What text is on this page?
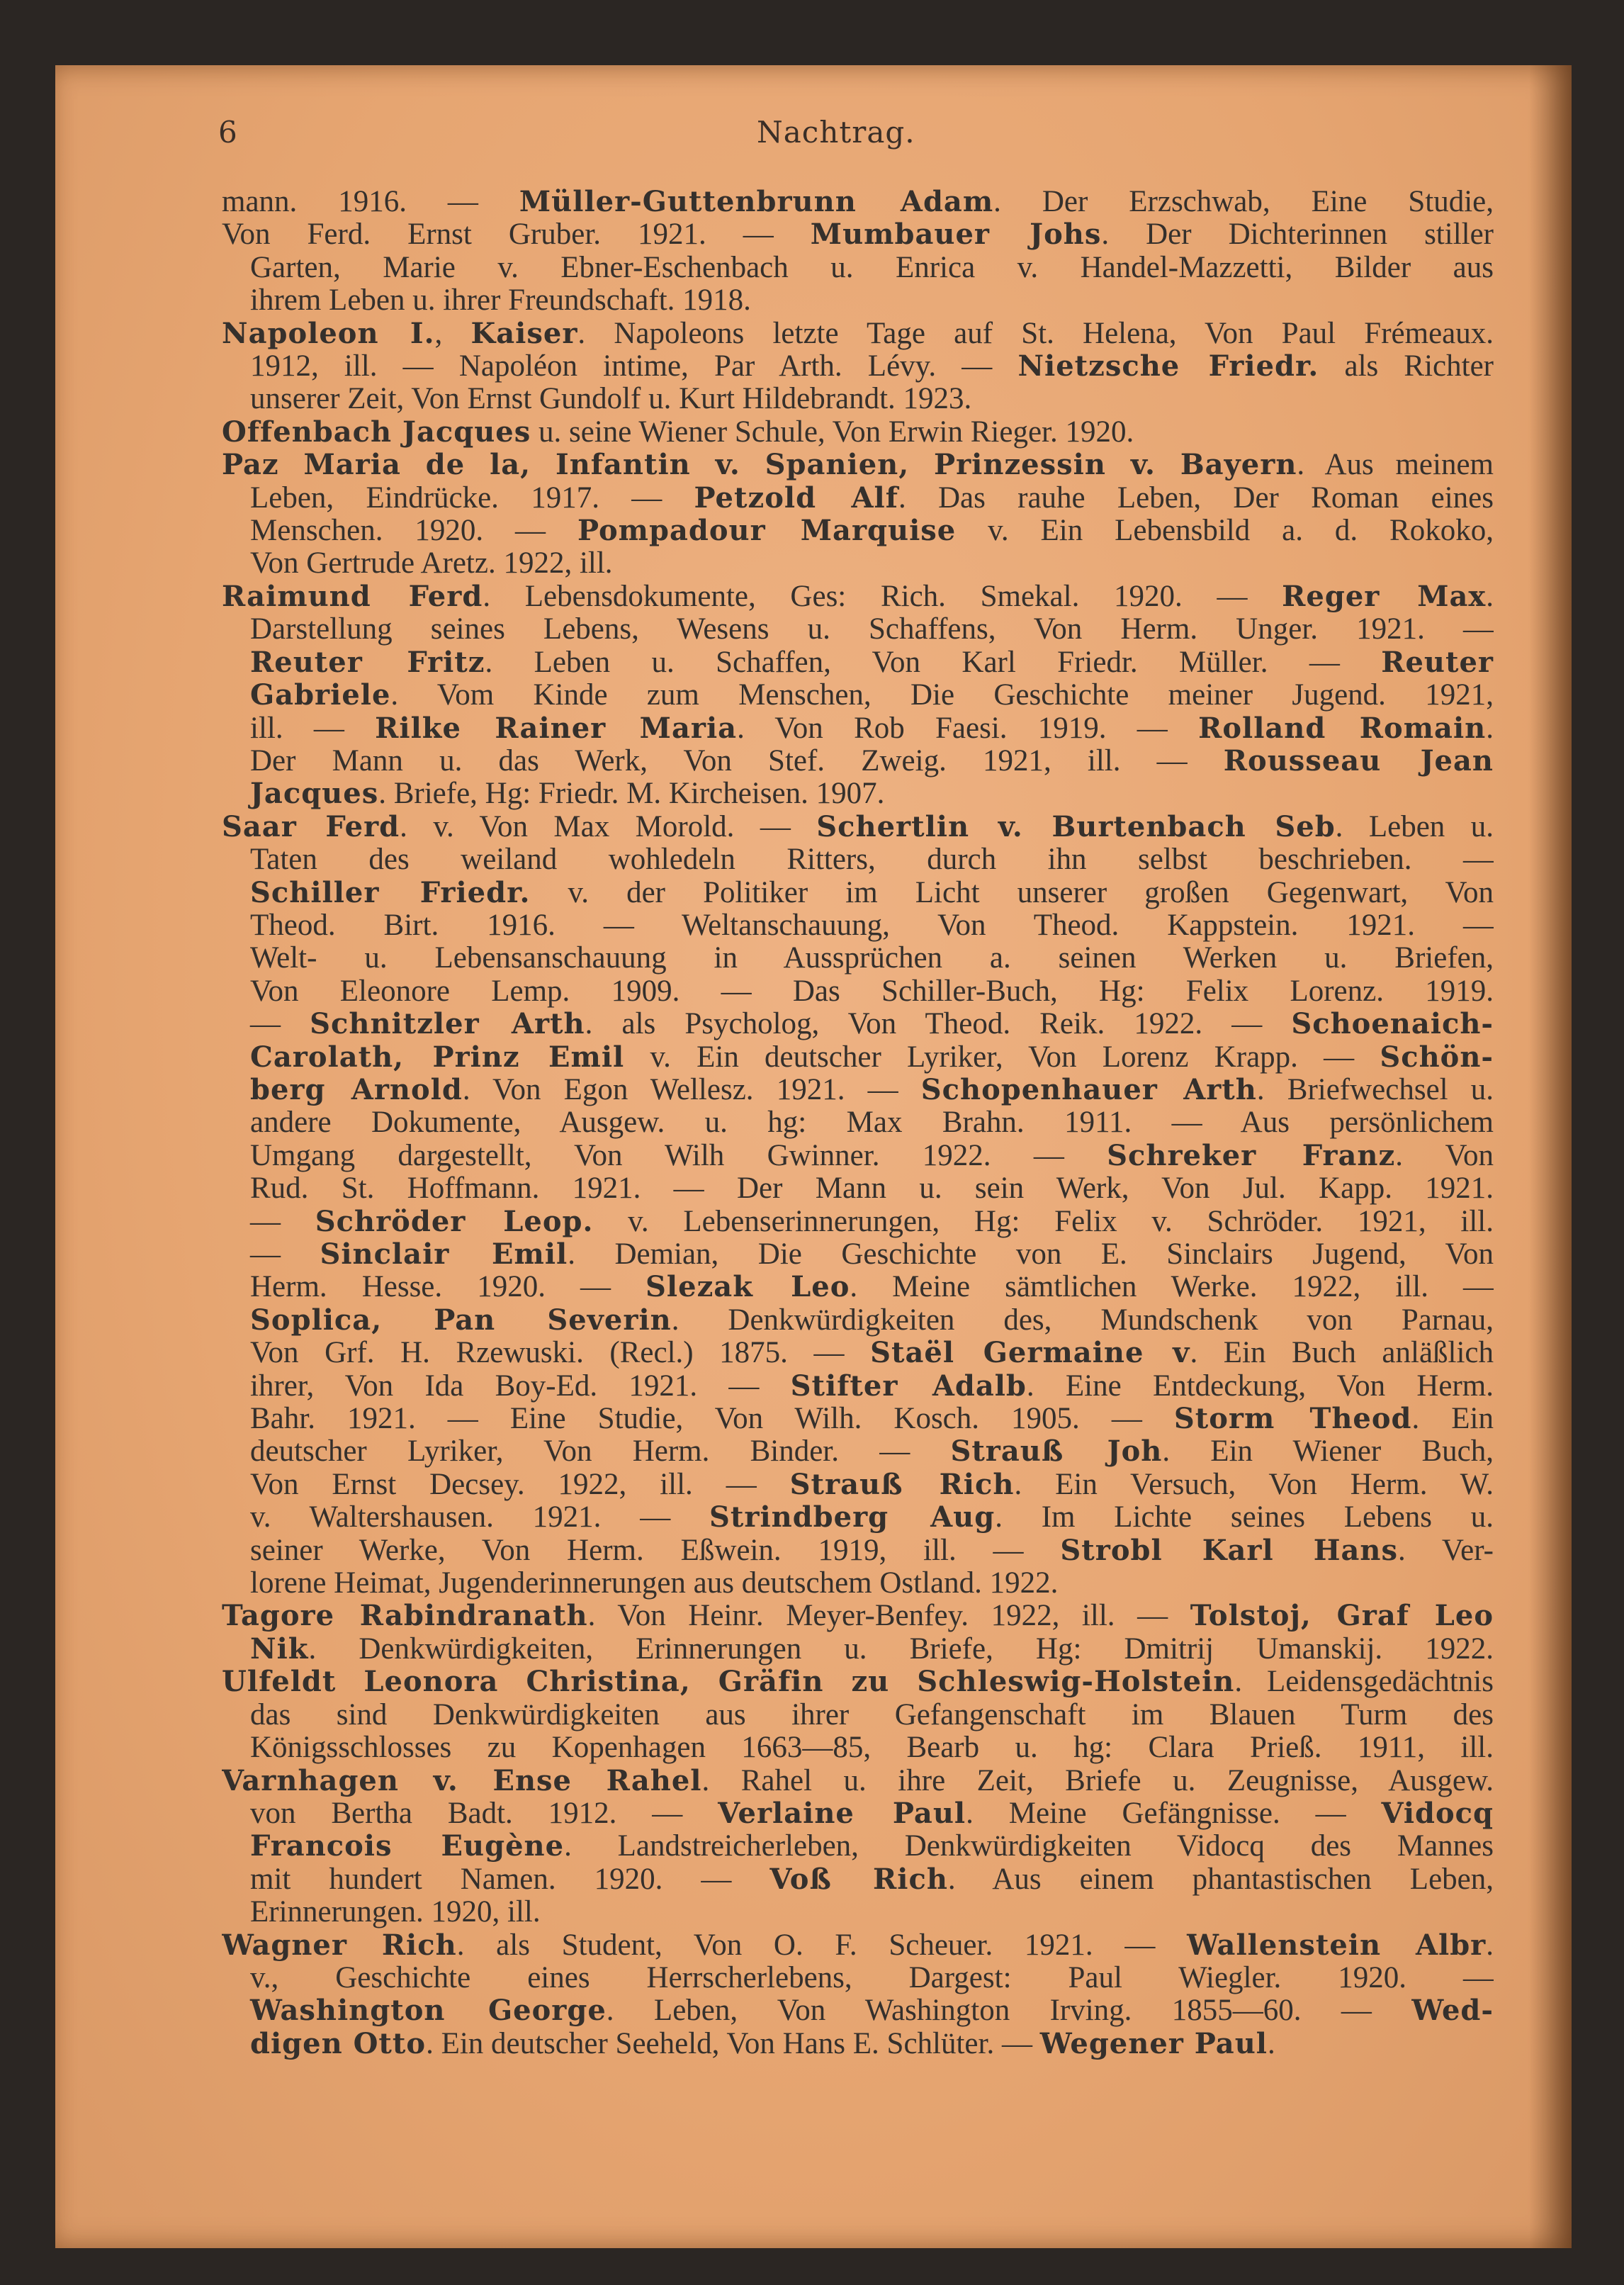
6	Nachtrag.
mann. 1916. — Müller-Guttenbrunn Adam. Der Erzschwab, Eine Studie,
Von Ferd. Ernst Gruber. 1921. — Mumbauer Johs. Der Dichterinnen stiller
Garten, Marie v. Ebner-Eschenbach u. Enrica v. Handel-Mazzetti, Bilder aus
ihrem Leben u. ihrer Freundschaft. 1918.
Napoleon I., Kaiser. Napoleons letzte Tage auf St. Helena, Von Paul Frémeaux.
1912, ill. — Napoléon intime, Par Arth. Lévy. — Nietzsche Friedr. als Richter
unserer Zeit, Von Ernst Gundolf u. Kurt Hildebrandt. 1923.
Offenbach Jacques u. seine Wiener Schule, Von Erwin Rieger. 1920.
Paz Maria de la, Infantin v. Spanien, Prinzessin v. Bayern. Aus meinem
Leben, Eindrücke. 1917. — Petzold Alf. Das rauhe Leben, Der Roman eines
Menschen. 1920. — Pompadour Marquise v. Ein Lebensbild a. d. Rokoko,
Von Gertrude Aretz. 1922, ill.
Raimund Ferd. Lebensdokumente, Ges: Rich. Smekal. 1920. — Reger Max.
Darstellung seines Lebens, Wesens u. Schaffens, Von Herm. Unger. 1921. —
Reuter Fritz. Leben u. Schaffen, Von Karl Friedr. Müller. — Reuter
Gabriele. Vom Kinde zum Menschen, Die Geschichte meiner Jugend. 1921,
ill. — Rilke Rainer Maria. Von Rob Faesi. 1919. — Rolland Romain.
Der Mann u. das Werk, Von Stef. Zweig. 1921, ill. — Rousseau Jean
Jacques. Briefe, Hg: Friedr. M. Kircheisen. 1907.
Saar Ferd. v. Von Max Morold. — Schertlin v. Burtenbach Seb. Leben u.
Taten des weiland wohledeln Ritters, durch ihn selbst beschrieben. —
Schiller Friedr. v. der Politiker im Licht unserer großen Gegenwart, Von
Theod. Birt. 1916. — Weltanschauung, Von Theod. Kappstein. 1921. —
Welt- u. Lebensanschauung in Aussprüchen a. seinen Werken u. Briefen,
Von Eleonore Lemp. 1909. — Das Schiller-Buch, Hg: Felix Lorenz. 1919.
— Schnitzler Arth. als Psycholog, Von Theod. Reik. 1922. — Schoenaich-
Carolath, Prinz Emil v. Ein deutscher Lyriker, Von Lorenz Krapp. — Schön-
berg Arnold. Von Egon Wellesz. 1921. — Schopenhauer Arth. Briefwechsel u.
andere Dokumente, Ausgew. u. hg: Max Brahn. 1911. — Aus persönlichem
Umgang dargestellt, Von Wilh Gwinner. 1922. — Schreker Franz. Von
Rud. St. Hoffmann. 1921. — Der Mann u. sein Werk, Von Jul. Kapp. 1921.
— Schröder Leop. v. Lebenserinnerungen, Hg: Felix v. Schröder. 1921, ill.
— Sinclair Emil. Demian, Die Geschichte von E. Sinclairs Jugend, Von
Herm. Hesse. 1920. — Slezak Leo. Meine sämtlichen Werke. 1922, ill. —
Soplica, Pan Severin. Denkwürdigkeiten des, Mundschenk von Parnau,
Von Grf. H. Rzewuski. (Recl.) 1875. — Staël Germaine v. Ein Buch anläßlich
ihrer, Von Ida Boy-Ed. 1921. — Stifter Adalb. Eine Entdeckung, Von Herm.
Bahr. 1921. — Eine Studie, Von Wilh. Kosch. 1905. — Storm Theod. Ein
deutscher Lyriker, Von Herm. Binder. — Strauß Joh. Ein Wiener Buch,
Von Ernst Decsey. 1922, ill. — Strauß Rich. Ein Versuch, Von Herm. W.
v. Waltershausen. 1921. — Strindberg Aug. Im Lichte seines Lebens u.
seiner Werke, Von Herm. Eßwein. 1919, ill. — Strobl Karl Hans. Ver-
lorene Heimat, Jugenderinnerungen aus deutschem Ostland. 1922.
Tagore Rabindranath. Von Heinr. Meyer-Benfey. 1922, ill. — Tolstoj, Graf Leo
Nik. Denkwürdigkeiten, Erinnerungen u. Briefe, Hg: Dmitrij Umanskij. 1922.
Ulfeldt Leonora Christina, Gräfin zu Schleswig-Holstein. Leidensgedächtnis
das sind Denkwürdigkeiten aus ihrer Gefangenschaft im Blauen Turm des
Königsschlosses zu Kopenhagen 1663—85, Bearb u. hg: Clara Prieß. 1911, ill.
Varnhagen v. Ense Rahel. Rahel u. ihre Zeit, Briefe u. Zeugnisse, Ausgew.
von Bertha Badt. 1912. — Verlaine Paul. Meine Gefängnisse. — Vidocq
Francois Eugène. Landstreicherleben, Denkwürdigkeiten Vidocq des Mannes
mit hundert Namen. 1920. — Voß Rich. Aus einem phantastischen Leben,
Erinnerungen. 1920, ill.
Wagner Rich. als Student, Von O. F. Scheuer. 1921. — Wallenstein Albr.
v., Geschichte eines Herrscherlebens, Dargest: Paul Wiegler. 1920. —
Washington George. Leben, Von Washington Irving. 1855—60. — Wed-
digen Otto. Ein deutscher Seeheld, Von Hans E. Schlüter. — Wegener Paul.
